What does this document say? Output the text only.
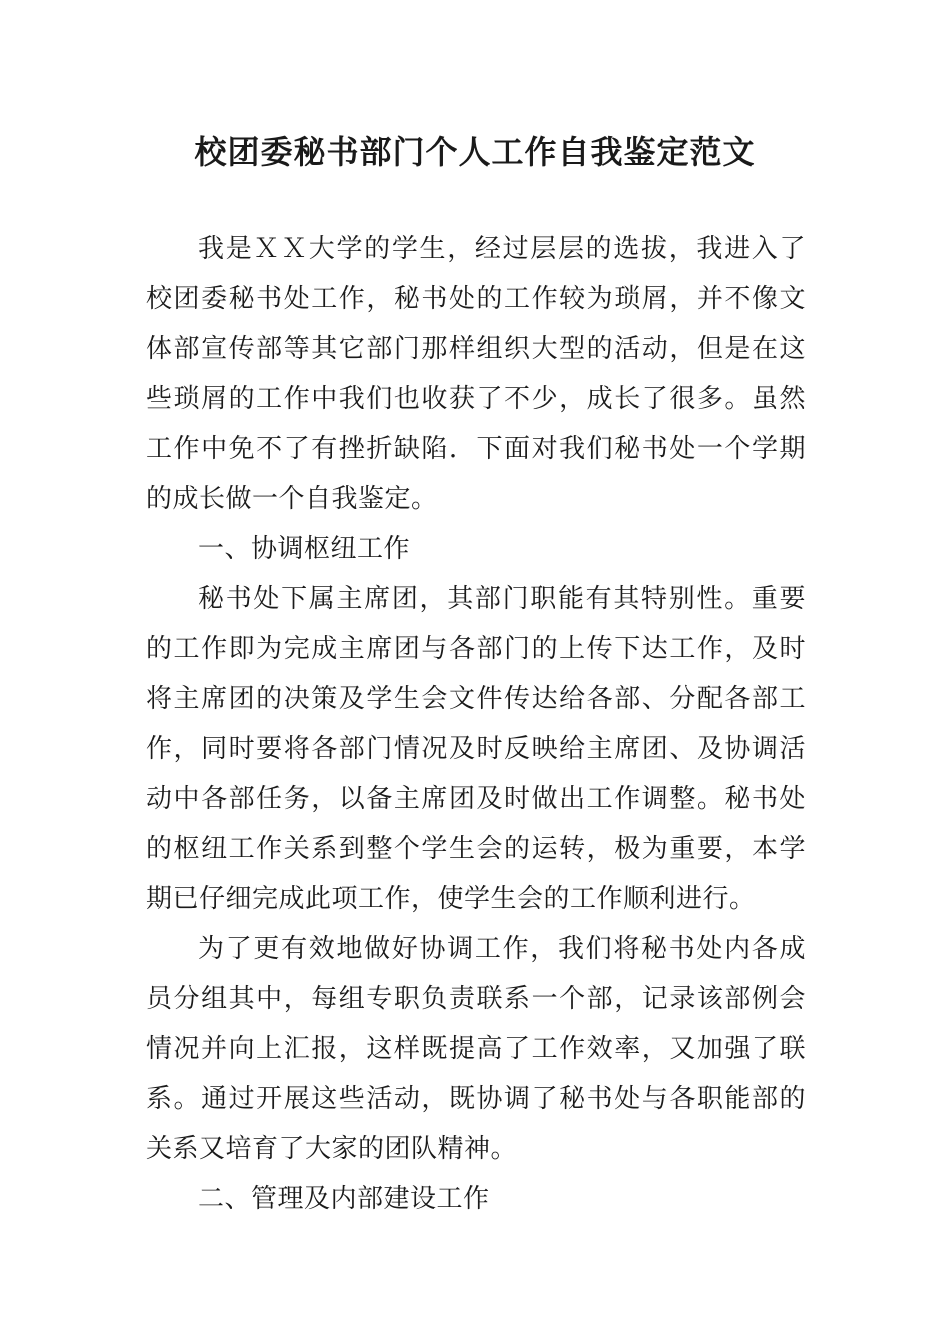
校团委秘书部门个人工作自我鉴定范文

我是ＸＸ大学的学生，经过层层的选拔，我进入了校团委秘书处工作，秘书处的工作较为琐屑，并不像文体部宣传部等其它部门那样组织大型的活动，但是在这些琐屑的工作中我们也收获了不少，成长了很多。虽然工作中免不了有挫折缺陷．下面对我们秘书处一个学期的成长做一个自我鉴定。

一、协调枢纽工作

秘书处下属主席团，其部门职能有其特别性。重要的工作即为完成主席团与各部门的上传下达工作，及时将主席团的决策及学生会文件传达给各部、分配各部工作，同时要将各部门情况及时反映给主席团、及协调活动中各部任务，以备主席团及时做出工作调整。秘书处的枢纽工作关系到整个学生会的运转，极为重要，本学期已仔细完成此项工作，使学生会的工作顺利进行。

为了更有效地做好协调工作，我们将秘书处内各成员分组其中，每组专职负责联系一个部，记录该部例会情况并向上汇报，这样既提高了工作效率，又加强了联系。通过开展这些活动，既协调了秘书处与各职能部的关系又培育了大家的团队精神。

二、管理及内部建设工作
